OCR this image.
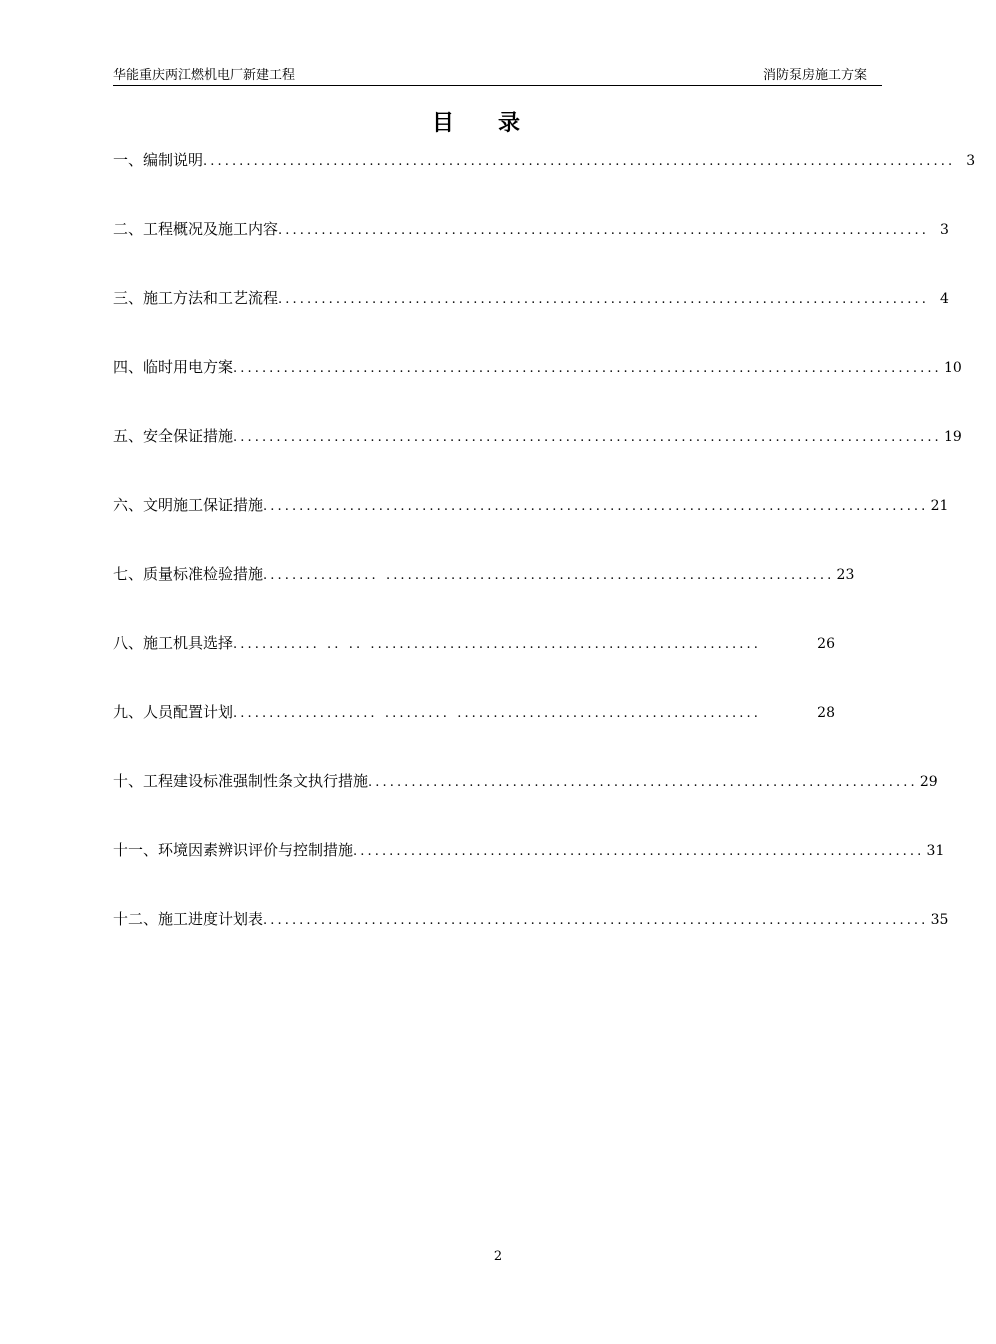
华能重庆两江燃机电厂新建工程	消防泵房施工方案
目录
一、编制说明 ........................................................................................................ 3
二、工程概况及施工内容 .......................................................................................... 3
三、施工方法和工艺流程 .......................................................................................... 4
四、临时用电方案 .................................................................................................. 10
五、安全保证措施 .................................................................................................. 19
六、文明施工保证措施 ............................................................................................ 21
七、质量标准检验措施 ................ .............................................................. 23
八、施工机具选择 ............ .. .. ......................................................	26
九、人员配置计划 .................... ......... ..........................................	28
十、工程建设标准强制性条文执行措施 ............................................................................ 29
十一、环境因素辨识评价与控制措施 ............................................................................... 31
十二、施工进度计划表 ............................................................................................ 35
2
